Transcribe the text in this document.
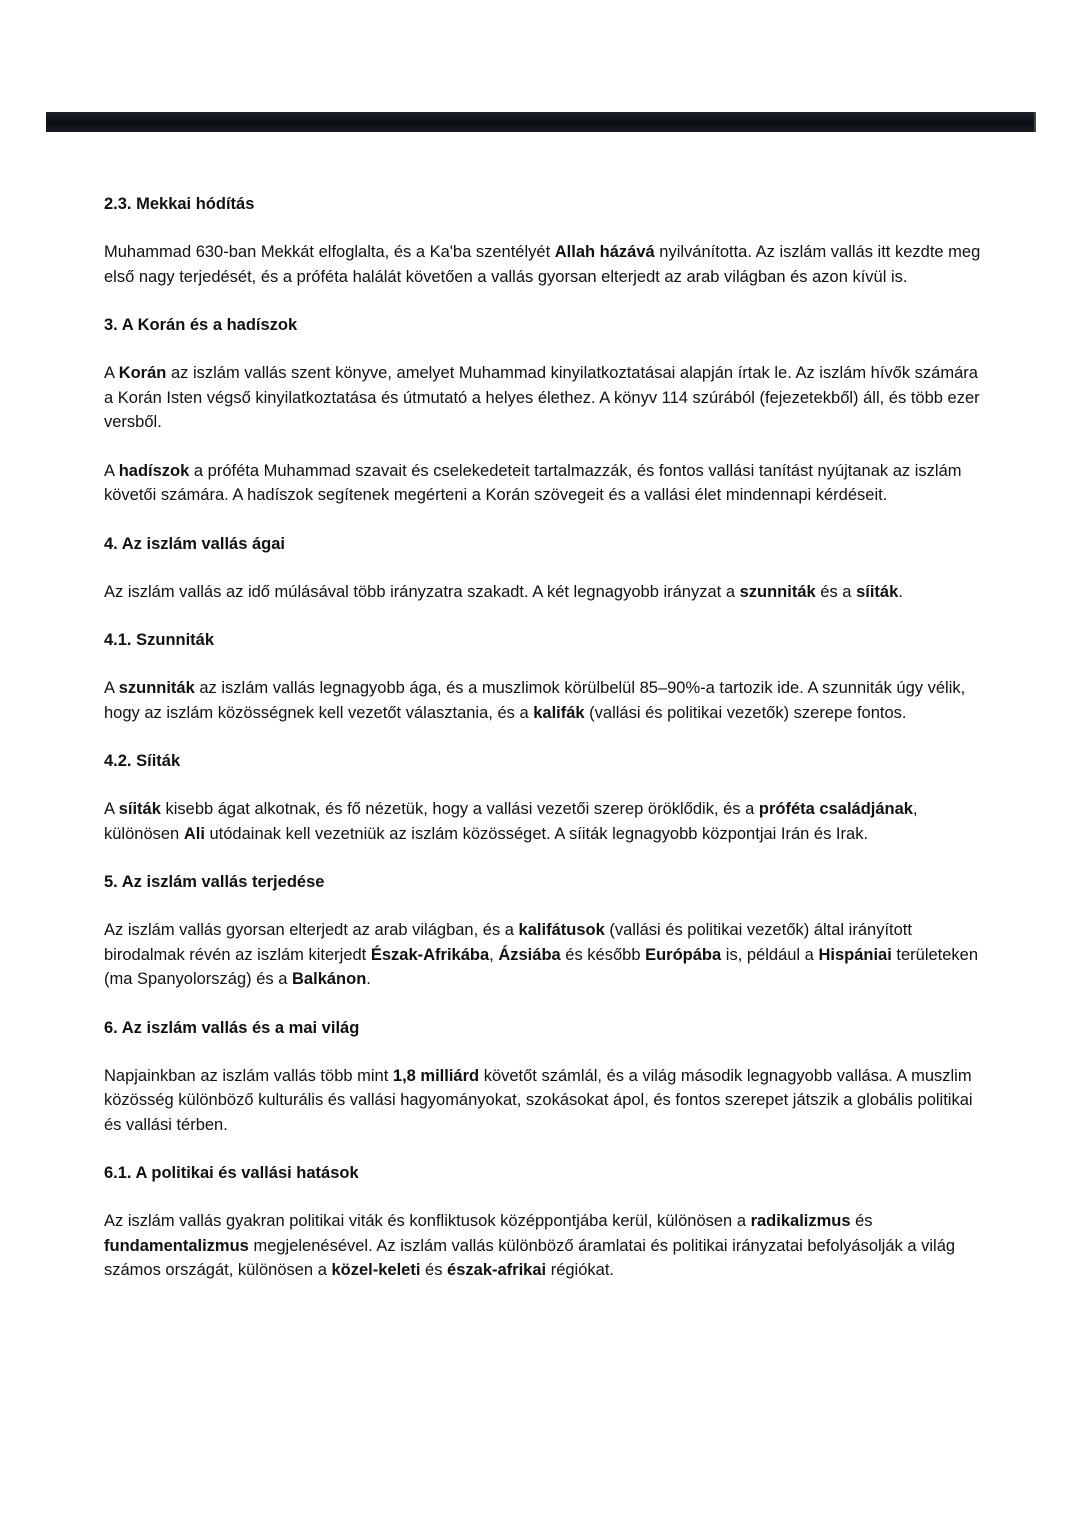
2.3. Mekkai hódítás
Muhammad 630-ban Mekkát elfoglalta, és a Ka'ba szentélyét Allah házává nyilvánította. Az iszlám vallás itt kezdte meg első nagy terjedését, és a próféta halálát követően a vallás gyorsan elterjedt az arab világban és azon kívül is.
3. A Korán és a hadíszok
A Korán az iszlám vallás szent könyve, amelyet Muhammad kinyilatkoztatásai alapján írtak le. Az iszlám hívők számára a Korán Isten végső kinyilatkoztatása és útmutató a helyes élethez. A könyv 114 szúrából (fejezetekből) áll, és több ezer versből.
A hadíszok a próféta Muhammad szavait és cselekedeteit tartalmazzák, és fontos vallási tanítást nyújtanak az iszlám követői számára. A hadíszok segítenek megérteni a Korán szövegeit és a vallási élet mindennapi kérdéseit.
4. Az iszlám vallás ágai
Az iszlám vallás az idő múlásával több irányzatra szakadt. A két legnagyobb irányzat a szunniták és a síiták.
4.1. Szunniták
A szunniták az iszlám vallás legnagyobb ága, és a muszlimok körülbelül 85–90%-a tartozik ide. A szunniták úgy vélik, hogy az iszlám közösségnek kell vezetőt választania, és a kalifák (vallási és politikai vezetők) szerepe fontos.
4.2. Síiták
A síiták kisebb ágat alkotnak, és fő nézetük, hogy a vallási vezetői szerep öröklődik, és a próféta családjának, különösen Ali utódainak kell vezetniük az iszlám közösséget. A síiták legnagyobb központjai Irán és Irak.
5. Az iszlám vallás terjedése
Az iszlám vallás gyorsan elterjedt az arab világban, és a kalifátusok (vallási és politikai vezetők) által irányított birodalmak révén az iszlám kiterjedt Észak-Afrikába, Ázsiába és később Európába is, például a Hispániai területeken (ma Spanyolország) és a Balkánon.
6. Az iszlám vallás és a mai világ
Napjainkban az iszlám vallás több mint 1,8 milliárd követőt számlál, és a világ második legnagyobb vallása. A muszlim közösség különböző kulturális és vallási hagyományokat, szokásokat ápol, és fontos szerepet játszik a globális politikai és vallási térben.
6.1. A politikai és vallási hatások
Az iszlám vallás gyakran politikai viták és konfliktusok középpontjába kerül, különösen a radikalizmus és fundamentalizmus megjelenésével. Az iszlám vallás különböző áramlatai és politikai irányzatai befolyásolják a világ számos országát, különösen a közel-keleti és észak-afrikai régiókat.
